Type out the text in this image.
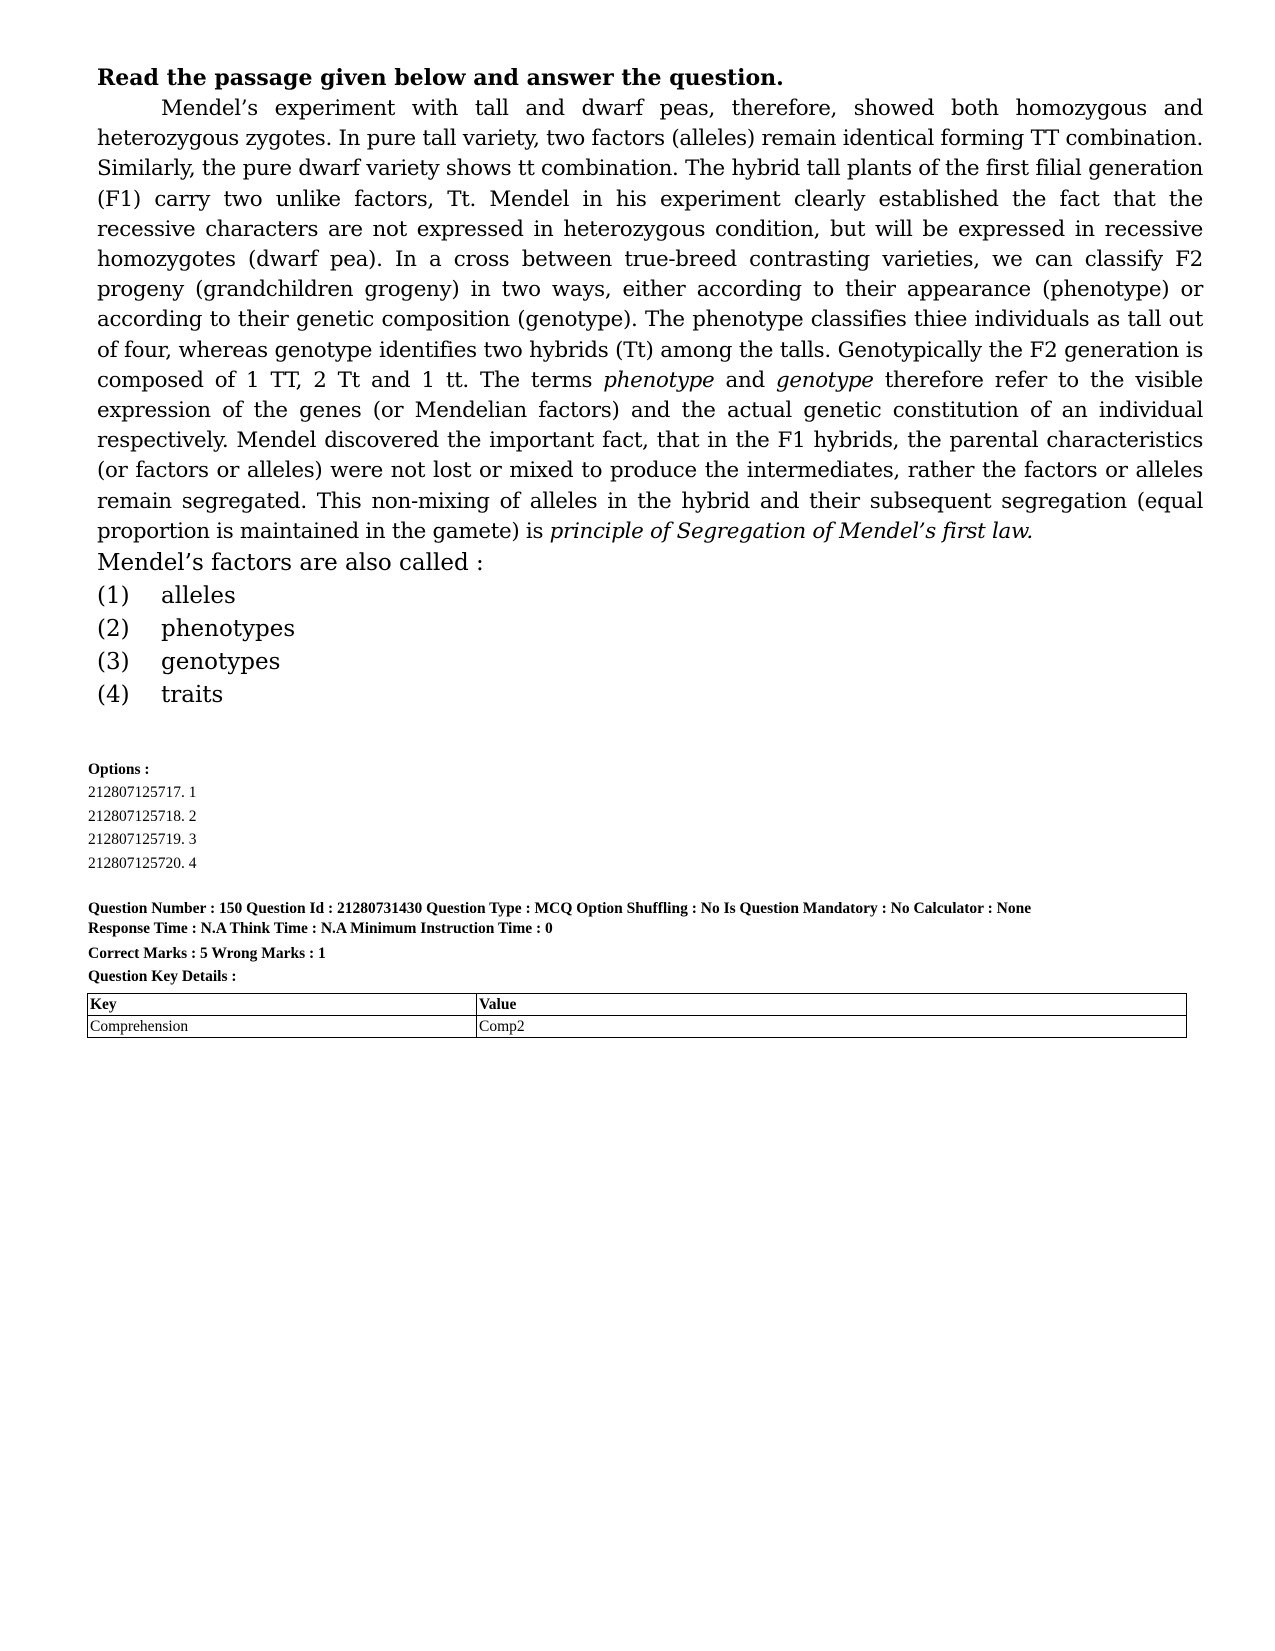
Read the passage given below and answer the question.

Mendel’s experiment with tall and dwarf peas, therefore, showed both homozygous and heterozygous zygotes. In pure tall variety, two factors (alleles) remain identical forming TT combination. Similarly, the pure dwarf variety shows tt combination. The hybrid tall plants of the first filial generation (F1) carry two unlike factors, Tt. Mendel in his experiment clearly established the fact that the recessive characters are not expressed in heterozygous condition, but will be expressed in recessive homozygotes (dwarf pea). In a cross between true-breed contrasting varieties, we can classify F2 progeny (grandchildren grogeny) in two ways, either according to their appearance (phenotype) or according to their genetic composition (genotype). The phenotype classifies thiee individuals as tall out of four, whereas genotype identifies two hybrids (Tt) among the talls. Genotypically the F2 generation is composed of 1 TT, 2 Tt and 1 tt. The terms phenotype and genotype therefore refer to the visible expression of the genes (or Mendelian factors) and the actual genetic constitution of an individual respectively. Mendel discovered the important fact, that in the F1 hybrids, the parental characteristics (or factors or alleles) were not lost or mixed to produce the intermediates, rather the factors or alleles remain segregated. This non-mixing of alleles in the hybrid and their subsequent segregation (equal proportion is maintained in the gamete) is principle of Segregation of Mendel’s first law.

Mendel’s factors are also called :

(1)	alleles
(2)	phenotypes
(3)	genotypes
(4)	traits

Options :

212807125717. 1

212807125718. 2

212807125719. 3

212807125720. 4

Question Number : 150 Question Id : 21280731430 Question Type : MCQ Option Shuffling : No Is Question Mandatory : No Calculator : None

Response Time : N.A Think Time : N.A Minimum Instruction Time : 0

Correct Marks : 5 Wrong Marks : 1

Question Key Details :

Key	Value
Comprehension	Comp2
